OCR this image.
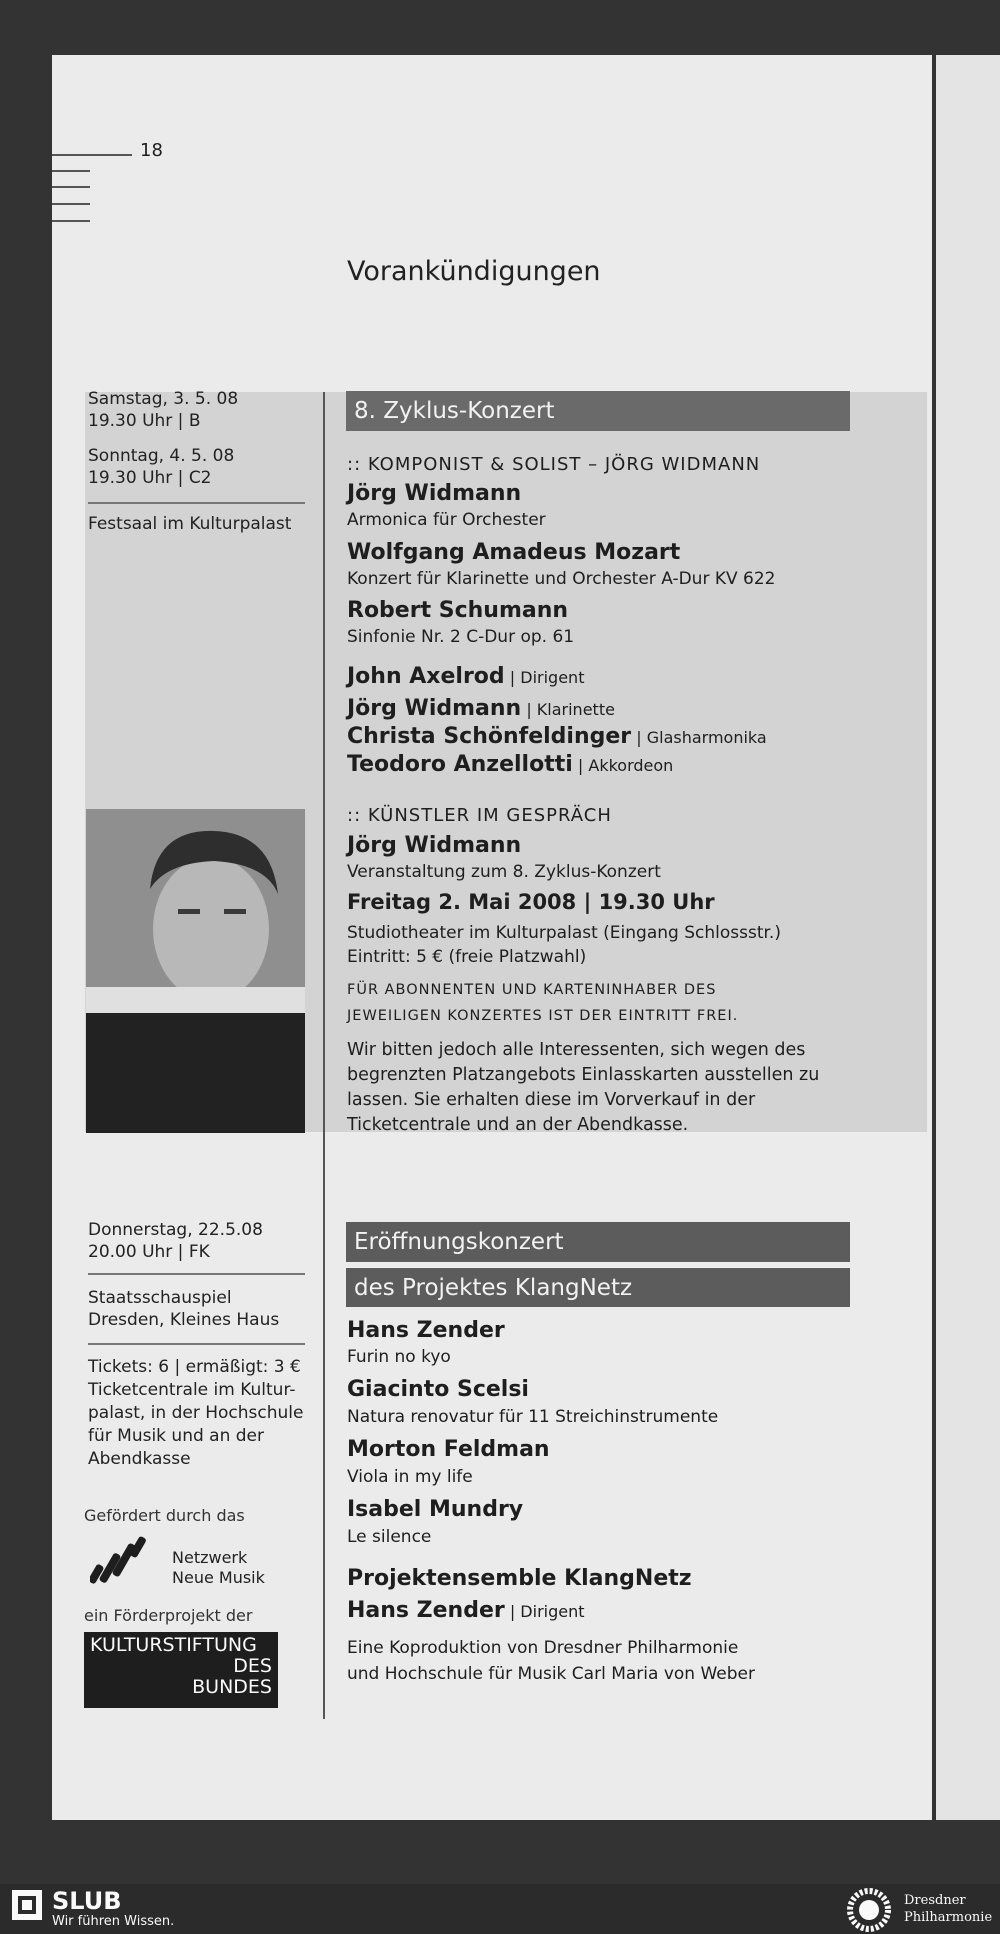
18
Vorankündigungen
Samstag, 3. 5. 08
19.30 Uhr | B
Sonntag, 4. 5. 08
19.30 Uhr | C2
Festsaal im Kulturpalast
8. Zyklus-Konzert
:: KOMPONIST & SOLIST – JÖRG WIDMANN
Jörg Widmann
Armonica für Orchester
Wolfgang Amadeus Mozart
Konzert für Klarinette und Orchester A-Dur KV 622
Robert Schumann
Sinfonie Nr. 2 C-Dur op. 61
John Axelrod | Dirigent
Jörg Widmann | Klarinette
Christa Schönfeldinger | Glasharmonika
Teodoro Anzellotti | Akkordeon
:: KÜNSTLER IM GESPRÄCH
Jörg Widmann
Veranstaltung zum 8. Zyklus-Konzert
Freitag 2. Mai 2008 | 19.30 Uhr
Studiotheater im Kulturpalast (Eingang Schlossstr.)
Eintritt: 5 € (freie Platzwahl)
FÜR ABONNENTEN UND KARTENINHABER DES
JEWEILIGEN KONZERTES IST DER EINTRITT FREI.
Wir bitten jedoch alle Interessenten, sich wegen des begrenzten Platzangebots Einlasskarten ausstellen zu lassen. Sie erhalten diese im Vorverkauf in der Ticketcentrale und an der Abendkasse.
Donnerstag, 22.5.08
20.00 Uhr | FK
Staatsschauspiel
Dresden, Kleines Haus
Tickets: 6 | ermäßigt: 3 €
Ticketcentrale im Kultur-
palast, in der Hochschule
für Musik und an der
Abendkasse
Eröffnungskonzert
des Projektes KlangNetz
Hans Zender
Furin no kyo
Giacinto Scelsi
Natura renovatur für 11 Streichinstrumente
Morton Feldman
Viola in my life
Isabel Mundry
Le silence
Projektensemble KlangNetz
Hans Zender | Dirigent
Eine Koproduktion von Dresdner Philharmonie
und Hochschule für Musik Carl Maria von Weber
Gefördert durch das
Netzwerk
Neue Musik
ein Förderprojekt der
KULTURSTIFTUNG
DES
BUNDES
SLUB
Wir führen Wissen.
Dresdner
Philharmonie
